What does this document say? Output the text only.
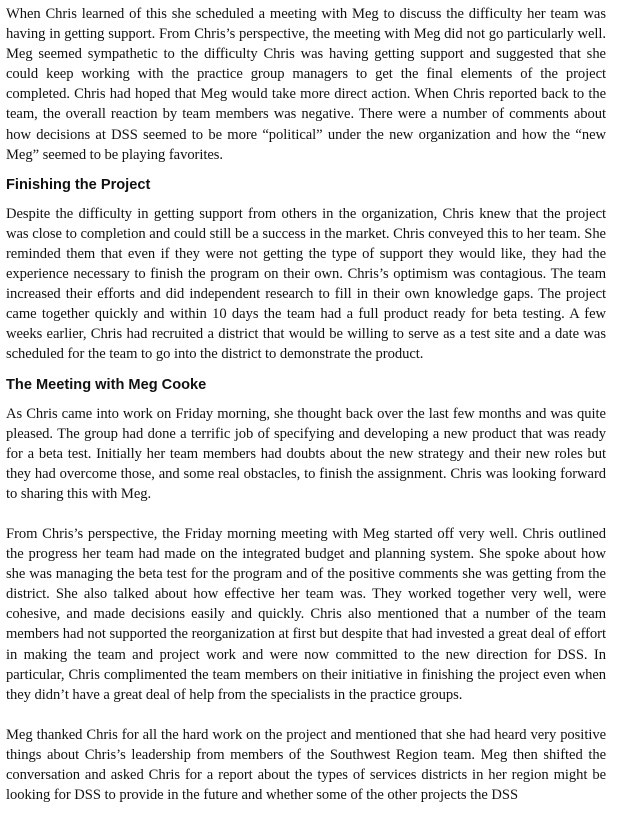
When Chris learned of this she scheduled a meeting with Meg to discuss the difficulty her team was having in getting support. From Chris’s perspective, the meeting with Meg did not go particularly well. Meg seemed sympathetic to the difficulty Chris was having getting support and suggested that she could keep working with the practice group managers to get the final elements of the project completed. Chris had hoped that Meg would take more direct action. When Chris reported back to the team, the overall reaction by team members was negative. There were a number of comments about how decisions at DSS seemed to be more “political” under the new organization and how the “new Meg” seemed to be playing favorites.

Finishing the Project

Despite the difficulty in getting support from others in the organization, Chris knew that the project was close to completion and could still be a success in the market. Chris conveyed this to her team. She reminded them that even if they were not getting the type of support they would like, they had the experience necessary to finish the program on their own. Chris’s optimism was contagious. The team increased their efforts and did independent research to fill in their own knowledge gaps. The project came together quickly and within 10 days the team had a full product ready for beta testing. A few weeks earlier, Chris had recruited a district that would be willing to serve as a test site and a date was scheduled for the team to go into the district to demonstrate the product.

The Meeting with Meg Cooke

As Chris came into work on Friday morning, she thought back over the last few months and was quite pleased. The group had done a terrific job of specifying and developing a new product that was ready for a beta test. Initially her team members had doubts about the new strategy and their new roles but they had overcome those, and some real obstacles, to finish the assignment. Chris was looking forward to sharing this with Meg.

From Chris’s perspective, the Friday morning meeting with Meg started off very well. Chris outlined the progress her team had made on the integrated budget and planning system. She spoke about how she was managing the beta test for the program and of the positive comments she was getting from the district. She also talked about how effective her team was. They worked together very well, were cohesive, and made decisions easily and quickly. Chris also mentioned that a number of the team members had not supported the reorganization at first but despite that had invested a great deal of effort in making the team and project work and were now committed to the new direction for DSS. In particular, Chris complimented the team members on their initiative in finishing the project even when they didn’t have a great deal of help from the specialists in the practice groups.

Meg thanked Chris for all the hard work on the project and mentioned that she had heard very positive things about Chris’s leadership from members of the Southwest Region team. Meg then shifted the conversation and asked Chris for a report about the types of services districts in her region might be looking for DSS to provide in the future and whether some of the other projects the DSS
